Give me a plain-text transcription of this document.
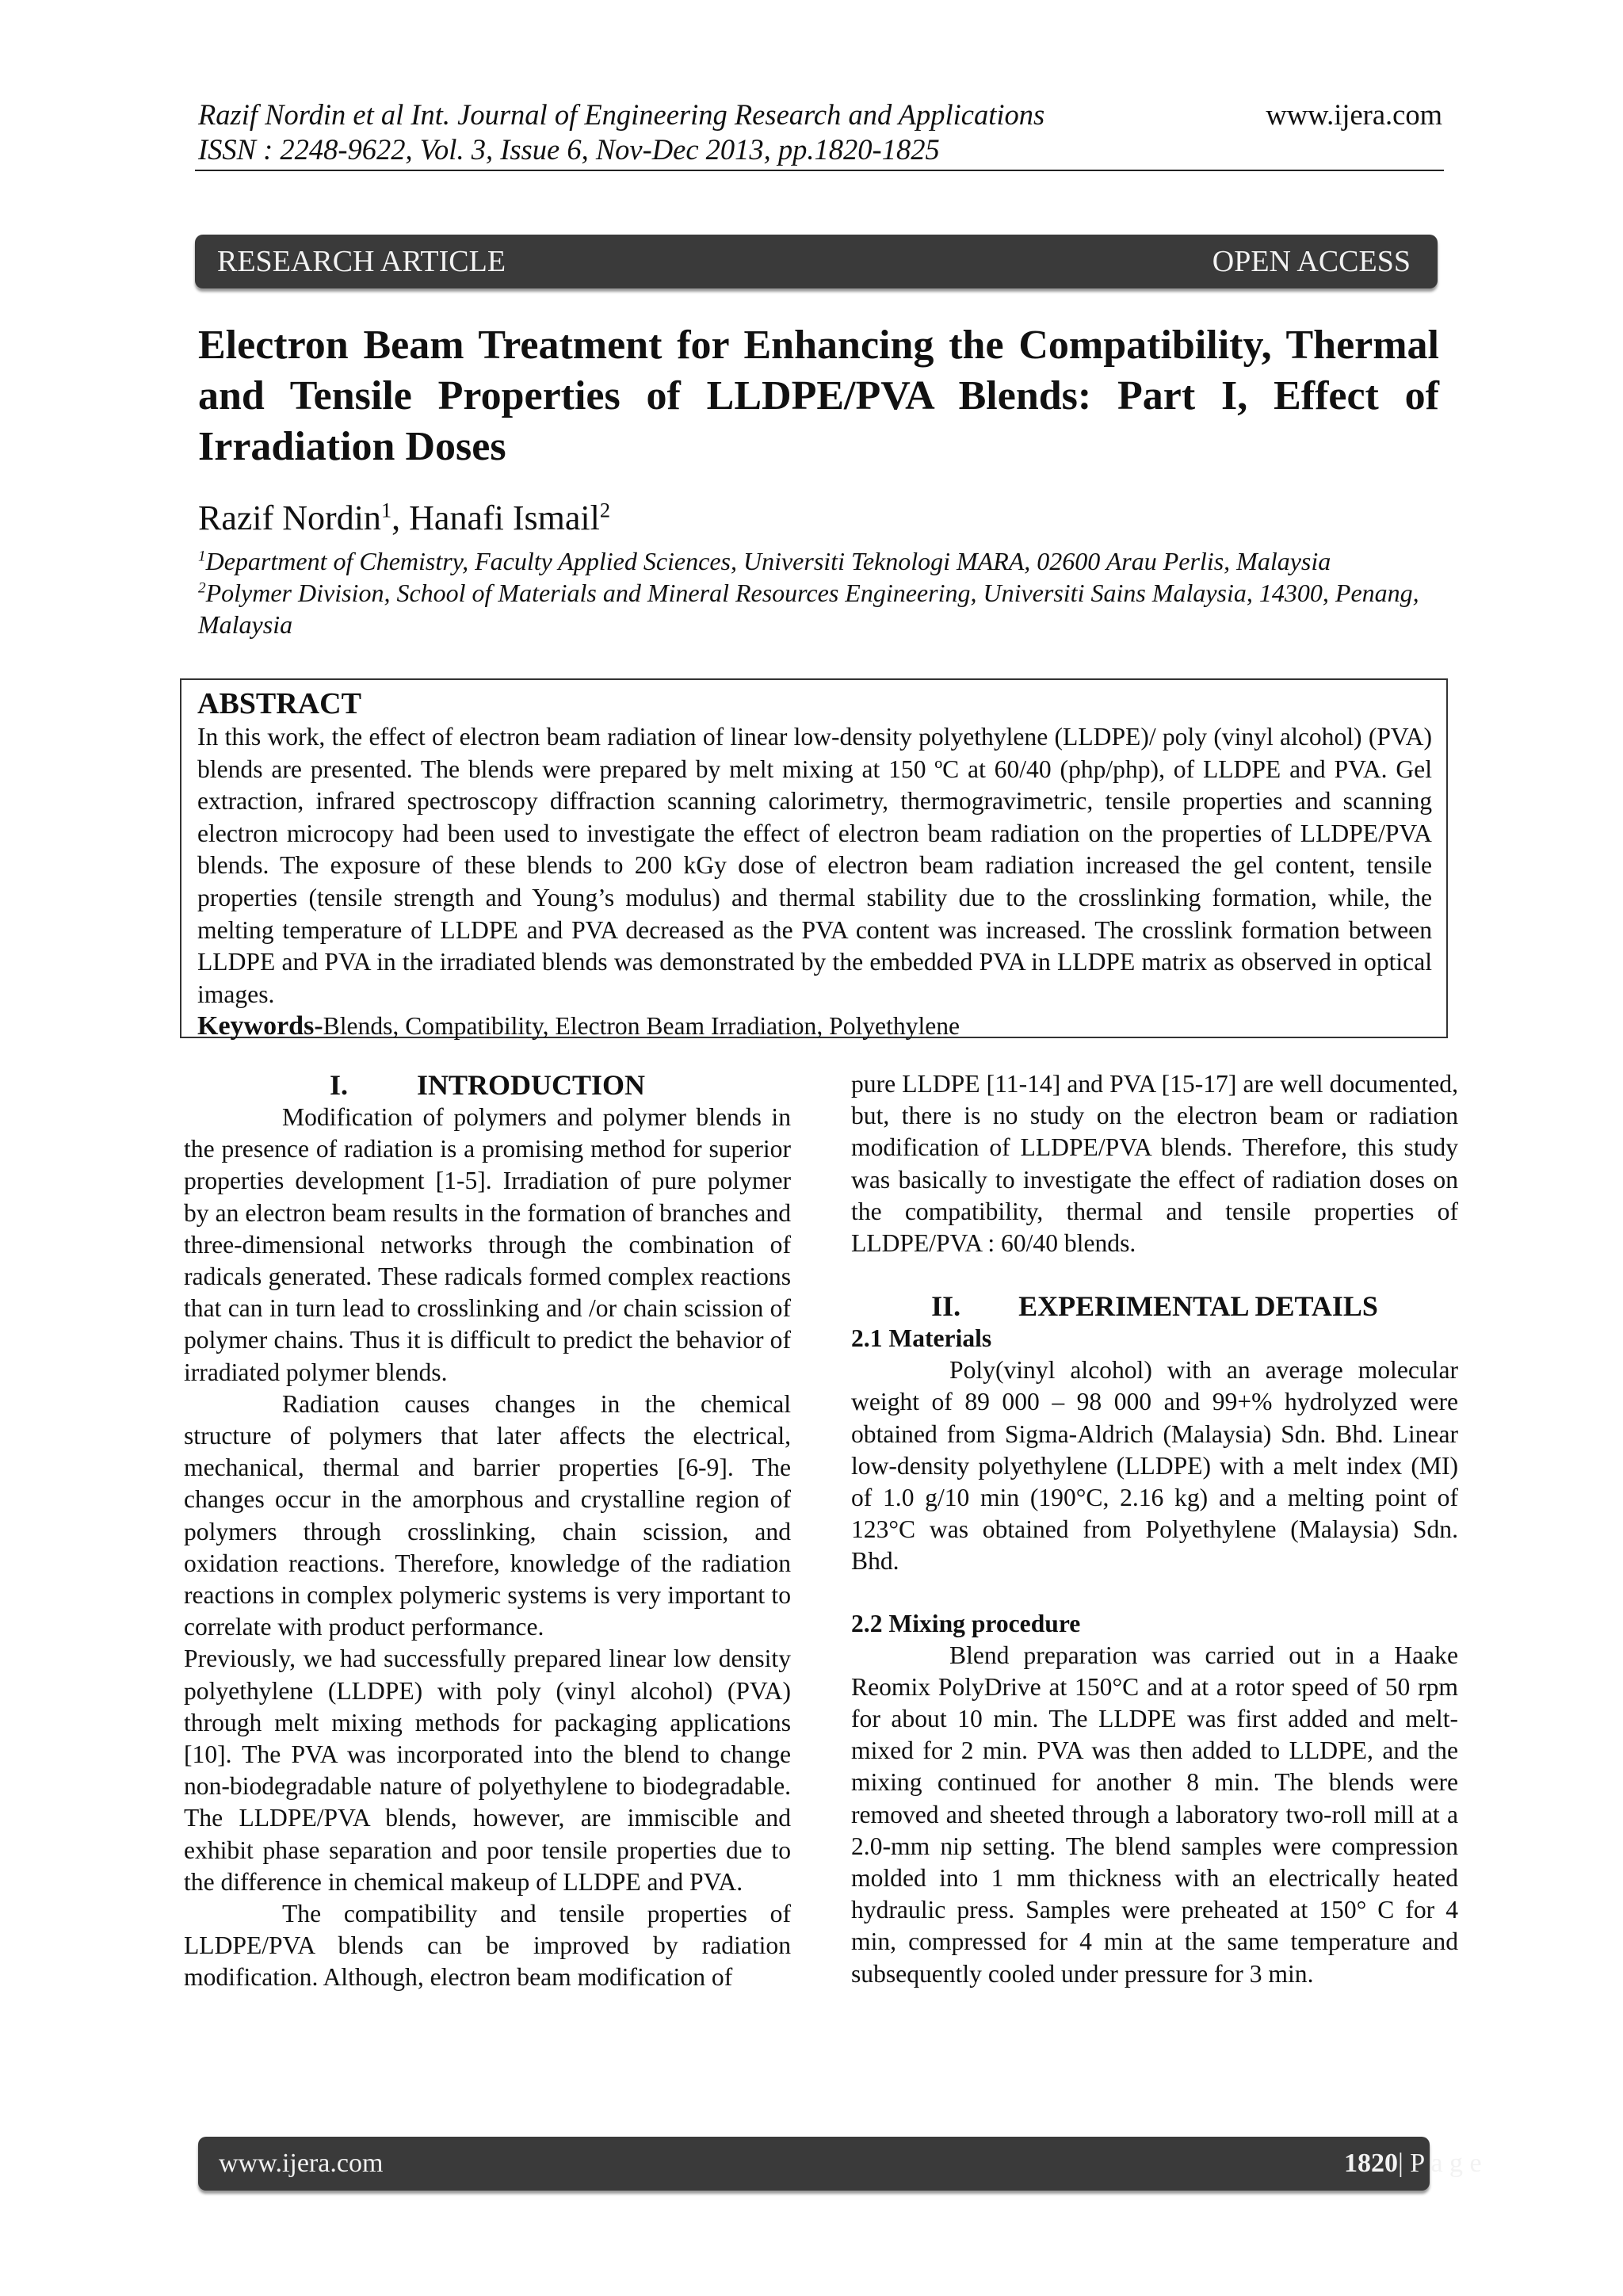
Razif Nordin et al Int. Journal of Engineering Research and Applications	www.ijera.com
ISSN : 2248-9622, Vol. 3, Issue 6, Nov-Dec 2013, pp.1820-1825
RESEARCH ARTICLE	OPEN ACCESS
Electron Beam Treatment for Enhancing the Compatibility, Thermal and Tensile Properties of LLDPE/PVA Blends: Part I, Effect of Irradiation Doses
Razif Nordin$^1$, Hanafi Ismail$^2$

$^1$Department of Chemistry, Faculty Applied Sciences, Universiti Teknologi MARA, 02600 Arau Perlis, Malaysia

$^2$Polymer Division, School of Materials and Mineral Resources Engineering, Universiti Sains Malaysia, 14300, Penang, Malaysia

ABSTRACT

In this work, the effect of electron beam radiation of linear low-density polyethylene (LLDPE)/ poly (vinyl alcohol) (PVA) blends are presented. The blends were prepared by melt mixing at 150 ºC at 60/40 (php/php), of LLDPE and PVA. Gel extraction, infrared spectroscopy diffraction scanning calorimetry, thermogravimetric, tensile properties and scanning electron microcopy had been used to investigate the effect of electron beam radiation on the properties of LLDPE/PVA blends. The exposure of these blends to 200 kGy dose of electron beam radiation increased the gel content, tensile properties (tensile strength and Young’s modulus) and thermal stability due to the crosslinking formation, while, the melting temperature of LLDPE and PVA decreased as the PVA content was increased. The crosslink formation between LLDPE and PVA in the irradiated blends was demonstrated by the embedded PVA in LLDPE matrix as observed in optical images.

Keywords-Blends, Compatibility, Electron Beam Irradiation, Polyethylene
I. INTRODUCTION

Modification of polymers and polymer blends in the presence of radiation is a promising method for superior properties development [1-5]. Irradiation of pure polymer by an electron beam results in the formation of branches and three-dimensional networks through the combination of radicals generated. These radicals formed complex reactions that can in turn lead to crosslinking and /or chain scission of polymer chains. Thus it is difficult to predict the behavior of irradiated polymer blends.

Radiation causes changes in the chemical structure of polymers that later affects the electrical, mechanical, thermal and barrier properties [6-9]. The changes occur in the amorphous and crystalline region of polymers through crosslinking, chain scission, and oxidation reactions. Therefore, knowledge of the radiation reactions in complex polymeric systems is very important to correlate with product performance.

Previously, we had successfully prepared linear low density polyethylene (LLDPE) with poly (vinyl alcohol) (PVA) through melt mixing methods for packaging applications [10]. The PVA was incorporated into the blend to change non-biodegradable nature of polyethylene to biodegradable. The LLDPE/PVA blends, however, are immiscible and exhibit phase separation and poor tensile properties due to the difference in chemical makeup of LLDPE and PVA.

The compatibility and tensile properties of LLDPE/PVA blends can be improved by radiation modification. Although, electron beam modification of

pure LLDPE [11-14] and PVA [15-17] are well documented, but, there is no study on the electron beam or radiation modification of LLDPE/PVA blends. Therefore, this study was basically to investigate the effect of radiation doses on the compatibility, thermal and tensile properties of LLDPE/PVA : 60/40 blends.

II. EXPERIMENTAL DETAILS
2.1 Materials

Poly(vinyl alcohol) with an average molecular weight of 89 000 – 98 000 and 99+% hydrolyzed were obtained from Sigma-Aldrich (Malaysia) Sdn. Bhd. Linear low-density polyethylene (LLDPE) with a melt index (MI) of 1.0 g/10 min (190°C, 2.16 kg) and a melting point of 123°C was obtained from Polyethylene (Malaysia) Sdn. Bhd.

2.2 Mixing procedure

Blend preparation was carried out in a Haake Reomix PolyDrive at 150°C and at a rotor speed of 50 rpm for about 10 min. The LLDPE was first added and melt-mixed for 2 min. PVA was then added to LLDPE, and the mixing continued for another 8 min. The blends were removed and sheeted through a laboratory two-roll mill at a 2.0-mm nip setting. The blend samples were compression molded into 1 mm thickness with an electrically heated hydraulic press. Samples were preheated at 150° C for 4 min, compressed for 4 min at the same temperature and subsequently cooled under pressure for 3 min.

www.ijera.com	1820 | P a g e
